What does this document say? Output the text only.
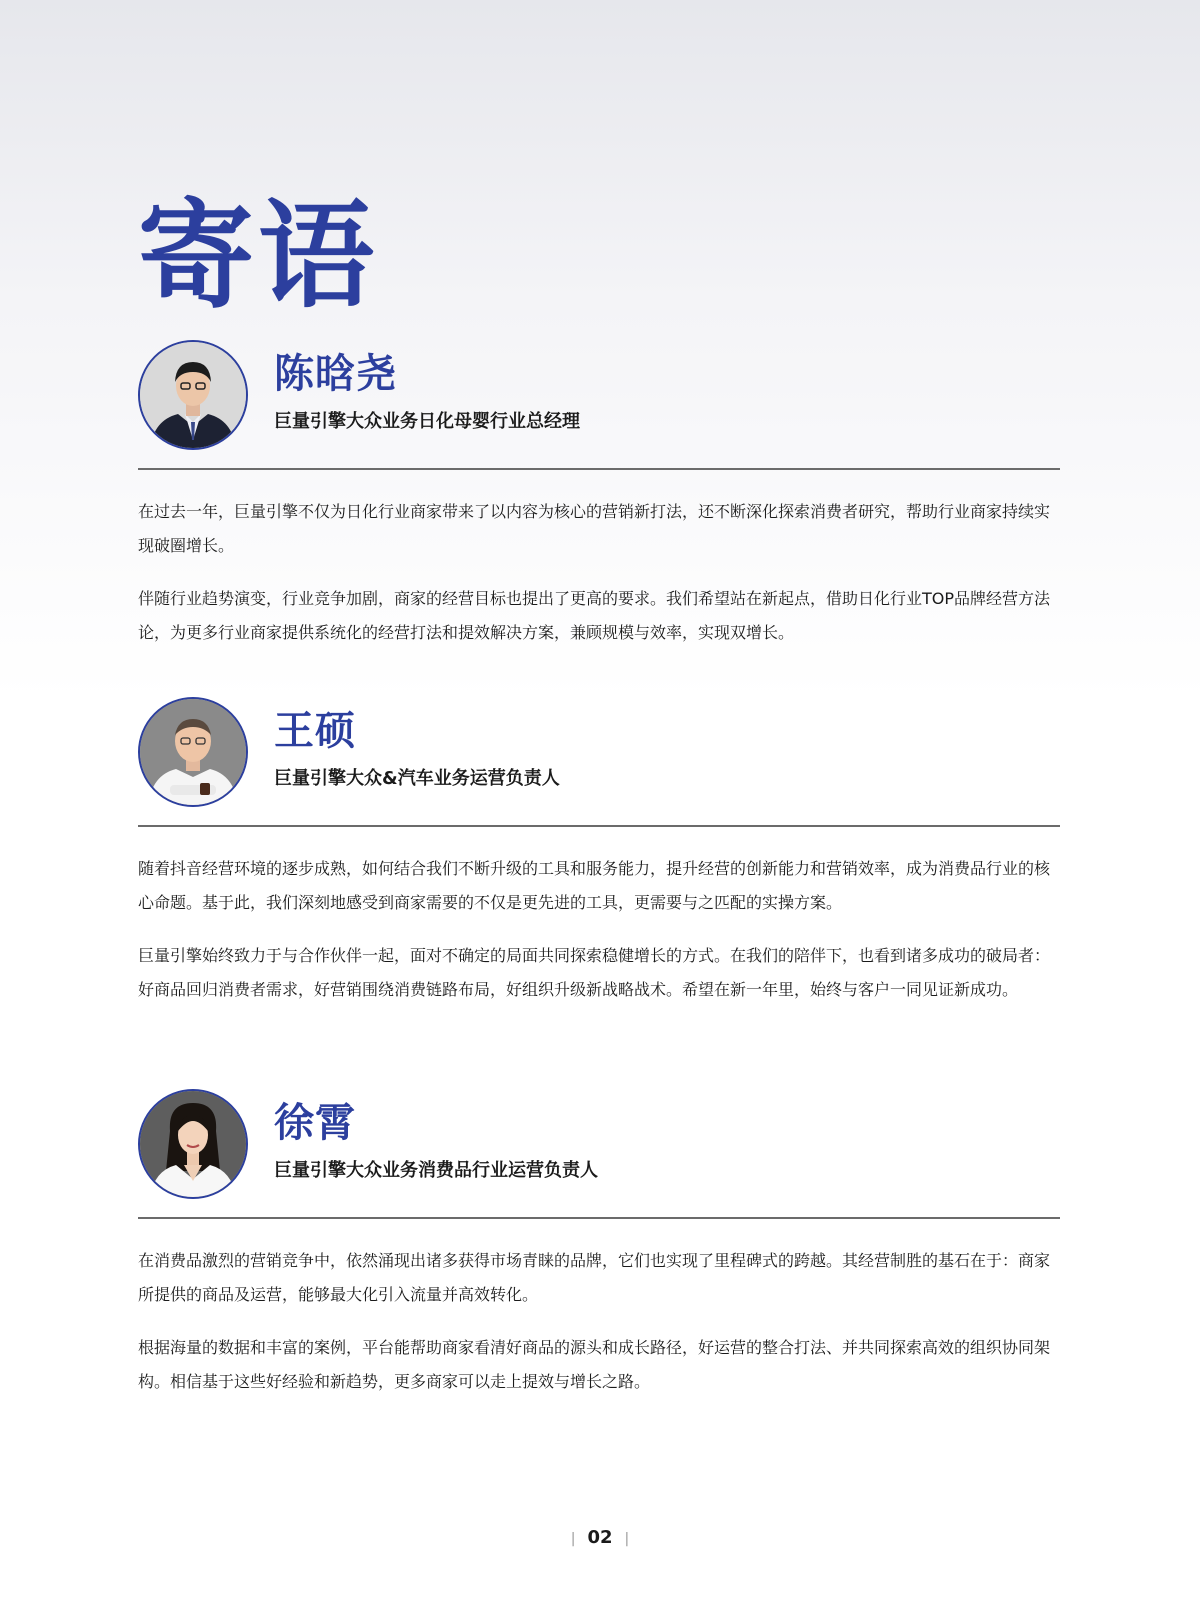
寄语
陈晗尧
巨量引擎大众业务日化母婴行业总经理

在过去一年，巨量引擎不仅为日化行业商家带来了以内容为核心的营销新打法，还不断深化探索消费者研究，帮助行业商家持续实现破圈增长。

伴随行业趋势演变，行业竞争加剧，商家的经营目标也提出了更高的要求。我们希望站在新起点，借助日化行业TOP品牌经营方法论，为更多行业商家提供系统化的经营打法和提效解决方案，兼顾规模与效率，实现双增长。

王硕
巨量引擎大众&汽车业务运营负责人

随着抖音经营环境的逐步成熟，如何结合我们不断升级的工具和服务能力，提升经营的创新能力和营销效率，成为消费品行业的核心命题。基于此，我们深刻地感受到商家需要的不仅是更先进的工具，更需要与之匹配的实操方案。

巨量引擎始终致力于与合作伙伴一起，面对不确定的局面共同探索稳健增长的方式。在我们的陪伴下，也看到诸多成功的破局者：好商品回归消费者需求，好营销围绕消费链路布局，好组织升级新战略战术。希望在新一年里，始终与客户一同见证新成功。

徐霄
巨量引擎大众业务消费品行业运营负责人

在消费品激烈的营销竞争中，依然涌现出诸多获得市场青睐的品牌，它们也实现了里程碑式的跨越。其经营制胜的基石在于：商家所提供的商品及运营，能够最大化引入流量并高效转化。

根据海量的数据和丰富的案例，平台能帮助商家看清好商品的源头和成长路径，好运营的整合打法、并共同探索高效的组织协同架构。相信基于这些好经验和新趋势，更多商家可以走上提效与增长之路。

| 02 |
